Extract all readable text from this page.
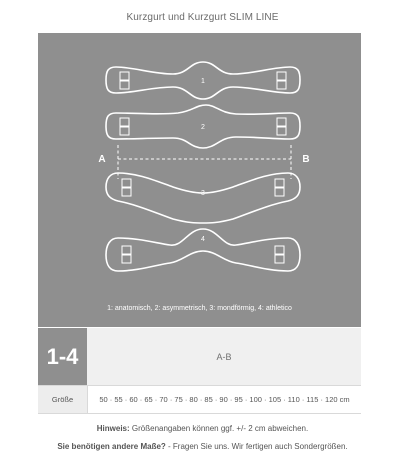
Kurzgurt und Kurzgurt SLIM LINE
A	B
1
2
3
4
1: anatomisch, 2: asymmetrisch, 3: mondförmig, 4: athletico
1-4	A-B
Größe	50 · 55 · 60 · 65 · 70 · 75 · 80 · 85 · 90 · 95 · 100 · 105 · 110 · 115 · 120 cm
Hinweis: Größenangaben können ggf. +/- 2 cm abweichen.
Sie benötigen andere Maße? - Fragen Sie uns. Wir fertigen auch Sondergrößen.
